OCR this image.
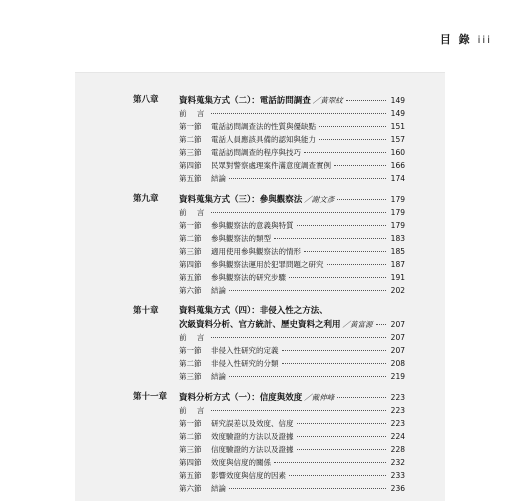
目 錄 iii
第八章	資料蒐集方式（二）：電話訪問調查 ／黃翠紋	149
前 言	149
第一節	電話訪問調查法的性質與優缺點	151
第二節	電話人員應該具備的認知與能力	157
第三節	電話訪問調查的程序與技巧	160
第四節	民眾對警察處理案件滿意度調查實例	166
第五節	結論	174
第九章	資料蒐集方式（三）：參與觀察法 ／謝文彥	179
前 言	179
第一節	參與觀察法的意義與特質	179
第二節	參與觀察法的類型	183
第三節	適用使用參與觀察法的情形	185
第四節	參與觀察法運用於犯罪問題之研究	187
第五節	參與觀察法的研究步驟	191
第六節	結論	202
第十章	資料蒐集方式（四）：非侵入性之方法、
次級資料分析、官方統計、歷史資料之利用 ／黃富源 207
前 言	207
第一節	非侵入性研究的定義	207
第二節	非侵入性研究的分類	208
第三節	結論	219
第十一章	資料分析方式（一）：信度與效度 ／戴伸峰	223
前 言	223
第一節	研究誤差以及效度、信度	223
第二節	效度驗證的方法以及證據	224
第三節	信度驗證的方法以及證據	228
第四節	效度與信度的關係	232
第五節	影響效度與信度的因素	233
第六節	結論	236
